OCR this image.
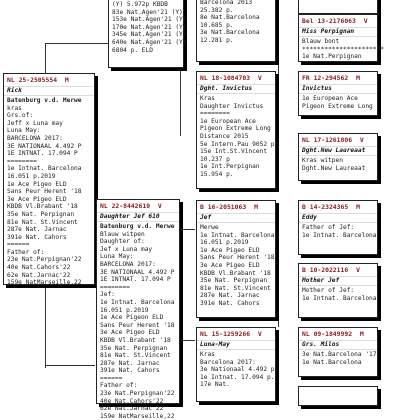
(Y) 5.972p KBDB
83e Nat.Agen'21 (Y)
153e Nat.Agen'21 (Y)
170e Nat.Agen'21 (Y)
345e Nat.Agen'21 (Y)
640e Nat.Agen'21 (Y)
6804 p. ELD
Barcelona 2013
25.382 p.
8e Nat.Barcelona
10.685 p.
3e Nat.Barcelona
12.281 p.
Bel 13-2176063 V
Miss Perpignan
Blauw bont
**********************
1e Nat.Perpignan
NL 25-2505554 M
Rick
Batenburg v.d. Merwe
kras
Grs.of:
Jeff x Luna may
Luna May:
BARCELONA 2017:
3E NATIONAAL 4.492 P
1E INTNAT. 17.094 P
========
1e Intnat. Barcelona
16.051 p.2019
1e Ace Pigeo ELD
Sans Peur Herent '18
3e Ace Pigeo ELD
KBDB Vl.Brabant '18
35e Nat. Perpignan
81e Nat. St.Vincent
287e Nat. Jarnac
391e Nat. Cahors
======
Father of:
23e Nat.Perpignan'22
40e Nat.Cahors'22
62e Nat.Jarnac'22
159e NatMarseille,22
NL 22-8442610 V
Daughter Jef 610
Batenburg v.d. Merwe
Blauw witpen
Daughter of:
Jef x Luna may
Luna May:
BARCELONA 2017:
3E NATIONAAL 4.492 P
1E INTNAT. 17.094 P
========
Jef:
1e Intnat. Barcelona
16.051 p.2019
1e Ace Pigeon ELD
Sans Peur Herent '18
3e Ace Pigeo ELD
KBDB Vl.Brabant '18
35e Nat. Perpignan
81e Nat. St.Vincent
287e Nat. Jarnac
391e Nat. Cahors
======
Father of:
23e Nat.Perpignan'22
40e Nat.Cahors'22
62e Nat.Jarnac'22
159e NatMarseille,22
NL 18-1084703 V
Dght. Invictus
Kras
Daughter Invictus
========
1e European Ace
Pigeon Extreme Long
Distance 2015
5e Intern.Pau 9052 p
15e Int.St.Vincent
10.237 p
1e Int.Perpignan
15.954 p.
B 16-2051063 M
Jef
Merwe
1e Intnat. Barcelona
16.051 p.2019
1e Ace Pigeo ELD
Sans Peur Herent '18
3e Ace Pigeo ELD
KBDB Vl.Brabant '18
35e Nat. Perpignan
81e Nat. St.Vincent
287e Nat. Jarnac
391e Nat. Cahors
NL 15-1259266 V
Luna-May
Kras
Barcelona 2017:
3e Nationaal 4.492 p
1e Intnat. 17.094 p.
17e Nat.
FR 12-294562 M
Invictus
1e European Ace
Pigeon Extreme Long
NL 17-1261806 V
Dght.New Laureaat
Kras witpen
Dght.New Laureaat
B 14-2324365 M
Eddy
Father of Jef:
1e Intnat. Barcelona
B 10-2022116 V
Mother Jef
Mother of Jef:
1e Intnat. Barcelona
NL 09-1849992 M
Grs. Milos
3e Nat.Barcelona '17
1e Nat.Barcelona
